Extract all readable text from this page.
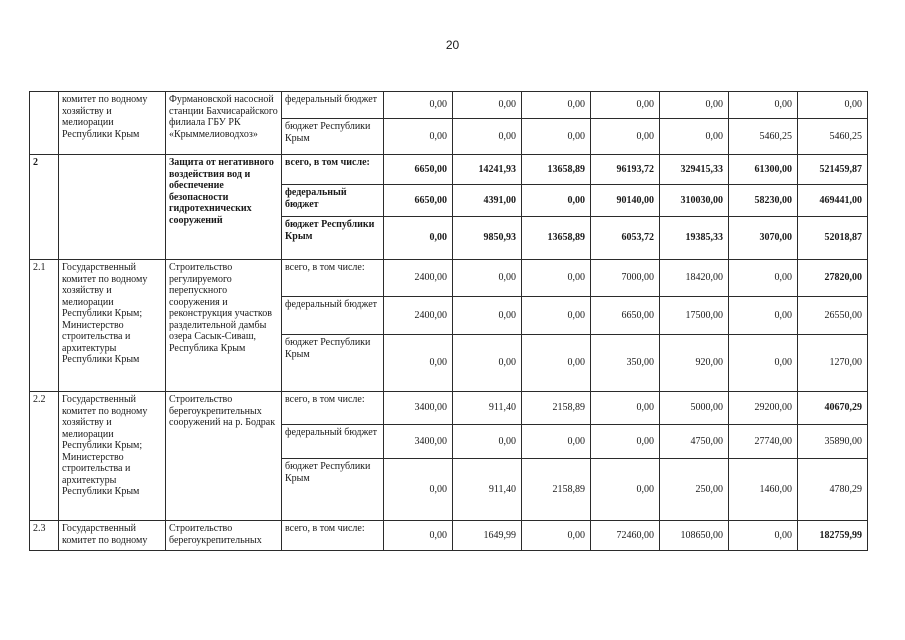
20
	комитет по водному хозяйству и мелиорации Республики Крым	Фурмановской насосной станции Бахчисарайского филиала ГБУ РК «Крыммелиоводхоз»	федеральный бюджет	0,00	0,00	0,00	0,00	0,00	0,00	0,00
			бюджет Республики Крым	0,00	0,00	0,00	0,00	0,00	5460,25	5460,25
2		Защита от негативного воздействия вод и обеспечение безопасности гидротехнических сооружений	всего, в том числе:	6650,00	14241,93	13658,89	96193,72	329415,33	61300,00	521459,87
			федеральный бюджет	6650,00	4391,00	0,00	90140,00	310030,00	58230,00	469441,00
			бюджет Республики Крым	0,00	9850,93	13658,89	6053,72	19385,33	3070,00	52018,87
2.1	Государственный комитет по водному хозяйству и мелиорации Республики Крым; Министерство строительства и архитектуры Республики Крым	Строительство регулируемого перепускного сооружения и реконструкция участков разделительной дамбы озера Сасык-Сиваш, Республика Крым	всего, в том числе:	2400,00	0,00	0,00	7000,00	18420,00	0,00	27820,00
			федеральный бюджет	2400,00	0,00	0,00	6650,00	17500,00	0,00	26550,00
			бюджет Республики Крым	0,00	0,00	0,00	350,00	920,00	0,00	1270,00
2.2	Государственный комитет по водному хозяйству и мелиорации Республики Крым; Министерство строительства и архитектуры Республики Крым	Строительство берегоукрепительных сооружений на р. Бодрак	всего, в том числе:	3400,00	911,40	2158,89	0,00	5000,00	29200,00	40670,29
			федеральный бюджет	3400,00	0,00	0,00	0,00	4750,00	27740,00	35890,00
			бюджет Республики Крым	0,00	911,40	2158,89	0,00	250,00	1460,00	4780,29
2.3	Государственный комитет по водному	Строительство берегоукрепительных	всего, в том числе:	0,00	1649,99	0,00	72460,00	108650,00	0,00	182759,99
